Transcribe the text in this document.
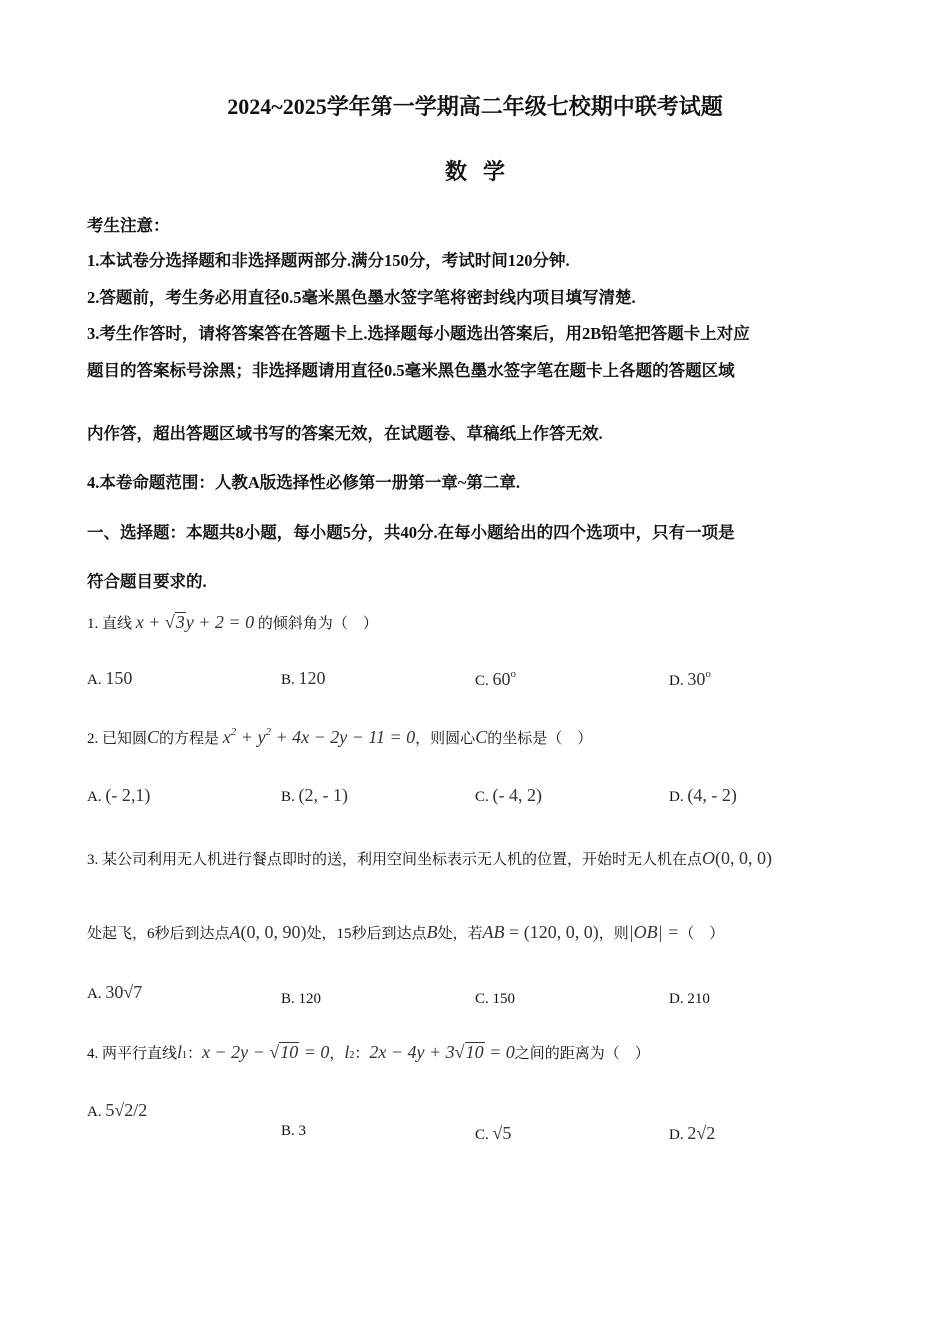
2024~2025学年第一学期高二年级七校期中联考试题
数学
考生注意：
1.本试卷分选择题和非选择题两部分.满分150分，考试时间120分钟.
2.答题前，考生务必用直径0.5毫米黑色墨水签字笔将密封线内项目填写清楚.
3.考生作答时，请将答案答在答题卡上.选择题每小题选出答案后，用2B铅笔把答题卡上对应
题目的答案标号涂黑；非选择题请用直径0.5毫米黑色墨水签字笔在题卡上各题的答题区域
内作答，超出答题区域书写的答案无效，在试题卷、草稿纸上作答无效.
4.本卷命题范围：人教A版选择性必修第一册第一章~第二章.
一、选择题：本题共8小题，每小题5分，共40分.在每小题给出的四个选项中，只有一项是
符合题目要求的.
1. 直线 x + √3y + 2 = 0 的倾斜角为（　）
A. 150	B. 120	C. 60$^o$	D. 30$^o$
2. 已知圆C的方程是 $x^2 + y^2 + 4x - 2y - 11 = 0$，则圆心C的坐标是（　）
A. (- 2,1)	B. (2, - 1)	C. (- 4, 2)	D. (4, - 2)
3. 某公司利用无人机进行餐点即时的送，利用空间坐标表示无人机的位置，开始时无人机在点O(0, 0, 0)
处起飞，6秒后到达点A(0, 0, 90)处，15秒后到达点B处，若AB = (120, 0, 0)，则|OB| =（　）
A. 30√7	B. 120	C. 150	D. 210
4. 两平行直线l1：x − 2y − √10 = 0，l2：2x − 4y + 3√10 = 0之间的距离为（　）
A. 5√2/2
B. 3	C. √5	D. 2√2
